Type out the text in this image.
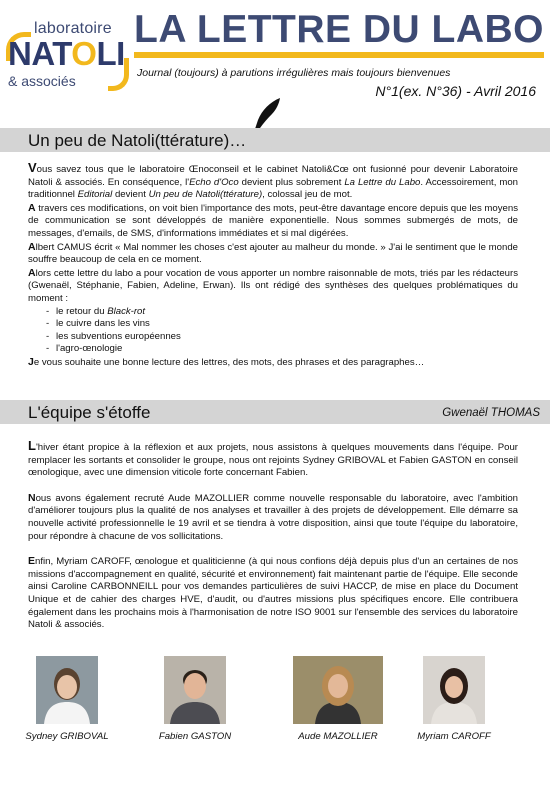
laboratoire
NATOLI
& associés
LA LETTRE DU LABO
Journal (toujours) à parutions irrégulières mais toujours bienvenues
N°1(ex. N°36) - Avril 2016
Un peu de Natoli(ttérature)…

Vous savez tous que le laboratoire Œnoconseil et le cabinet Natoli&Cœ ont fusionné pour devenir Laboratoire Natoli & associés. En conséquence, l'Echo d'Oco devient plus sobrement La Lettre du Labo. Accessoirement, mon traditionnel Editorial devient Un peu de Natoli(ttérature), colossal jeu de mot.

A travers ces modifications, on voit bien l'importance des mots, peut-être davantage encore depuis que les moyens de communication se sont développés de manière exponentielle. Nous sommes submergés de mots, de messages, d'emails, de SMS, d'informations immédiates et si mal digérées.

Albert CAMUS écrit « Mal nommer les choses c'est ajouter au malheur du monde. » J'ai le sentiment que le monde souffre beaucoup de cela en ce moment.

Alors cette lettre du labo a pour vocation de vous apporter un nombre raisonnable de mots, triés par les rédacteurs (Gwenaël, Stéphanie, Fabien, Adeline, Erwan). Ils ont rédigé des synthèses des quelques problématiques du moment :

- le retour du Black-rot
- le cuivre dans les vins
- les subventions européennes
- l'agro-œnologie

Je vous souhaite une bonne lecture des lettres, des mots, des phrases et des paragraphes…

L'équipe s'étoffe	Gwenaël THOMAS

L'hiver étant propice à la réflexion et aux projets, nous assistons à quelques mouvements dans l'équipe. Pour remplacer les sortants et consolider le groupe, nous ont rejoints Sydney GRIBOVAL et Fabien GASTON en conseil œnologique, avec une dimension viticole forte concernant Fabien.

Nous avons également recruté Aude MAZOLLIER comme nouvelle responsable du laboratoire, avec l'ambition d'améliorer toujours plus la qualité de nos analyses et travailler à des projets de développement. Elle démarre sa nouvelle activité professionnelle le 19 avril et se tiendra à votre disposition, ainsi que toute l'équipe du laboratoire, pour répondre à chacune de vos sollicitations.

Enfin, Myriam CAROFF, œnologue et qualiticienne (à qui nous confions déjà depuis plus d'un an certaines de nos missions d'accompagnement en qualité, sécurité et environnement) fait maintenant partie de l'équipe. Elle seconde ainsi Caroline CARBONNEILL pour vos demandes particulières de suivi HACCP, de mise en place du Document Unique et de cahier des charges HVE, d'audit, ou d'autres missions plus spécifiques encore. Elle contribuera également dans les prochains mois à l'harmonisation de notre ISO 9001 sur l'ensemble des services du laboratoire Natoli & associés.

Sydney GRIBOVAL	Fabien GASTON	Aude MAZOLLIER	Myriam CAROFF
